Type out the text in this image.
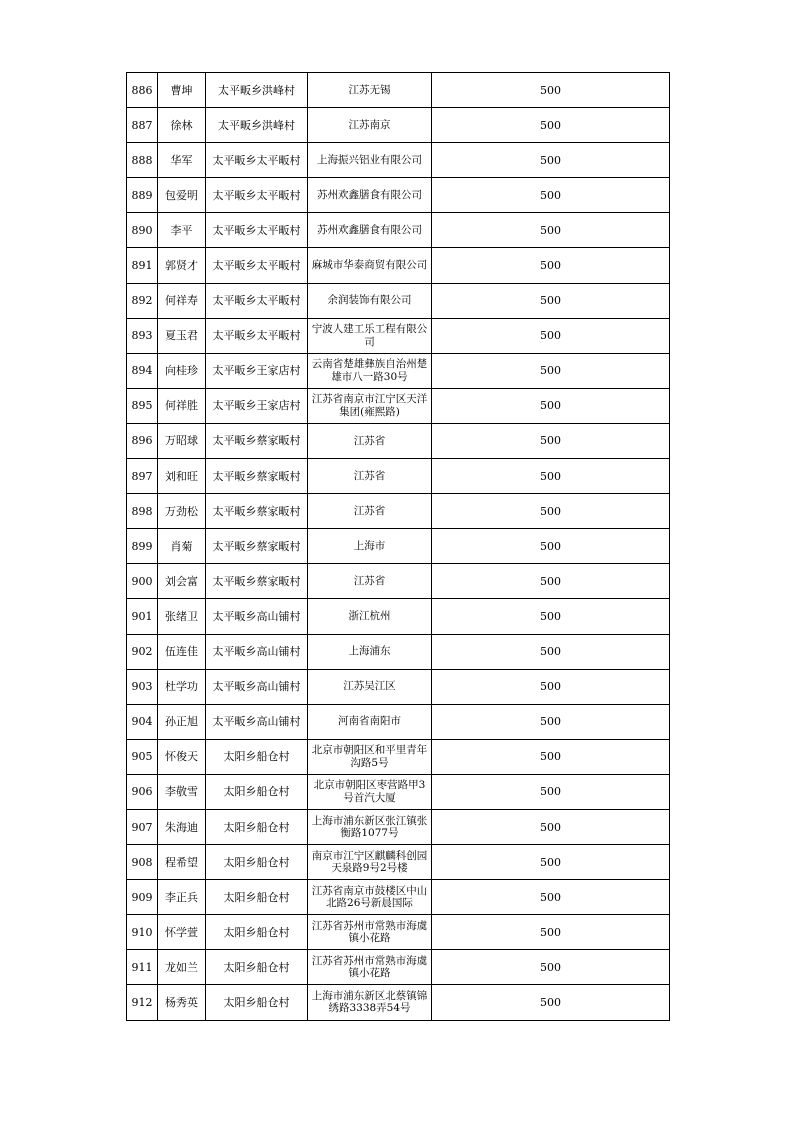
886	曹坤	太平畈乡洪峰村	江苏无锡	500

887	徐林	太平畈乡洪峰村	江苏南京	500

888	华军	太平畈乡太平畈村	上海振兴铝业有限公司	500

889	包爱明	太平畈乡太平畈村	苏州欢鑫膳食有限公司	500

890	李平	太平畈乡太平畈村	苏州欢鑫膳食有限公司	500

891	郭贤才	太平畈乡太平畈村	麻城市华泰商贸有限公司	500

892	何祥寿	太平畈乡太平畈村	余润装饰有限公司	500

893	夏玉君	太平畈乡太平畈村	宁波人建工乐工程有限公司	500

894	向桂珍	太平畈乡王家店村	云南省楚雄彝族自治州楚雄市八一路30号	500

895	何祥胜	太平畈乡王家店村	江苏省南京市江宁区天洋集团(雍熙路)	500

896	万昭球	太平畈乡蔡家畈村	江苏省	500

897	刘和旺	太平畈乡蔡家畈村	江苏省	500

898	万劲松	太平畈乡蔡家畈村	江苏省	500

899	肖菊	太平畈乡蔡家畈村	上海市	500

900	刘会富	太平畈乡蔡家畈村	江苏省	500

901	张绪卫	太平畈乡高山铺村	浙江杭州	500

902	伍连佳	太平畈乡高山铺村	上海浦东	500

903	杜学功	太平畈乡高山铺村	江苏吴江区	500

904	孙正旭	太平畈乡高山铺村	河南省南阳市	500

905	怀俊天	太阳乡船仓村	北京市朝阳区和平里青年沟路5号	500

906	李敬雪	太阳乡船仓村	北京市朝阳区枣营路甲3号首汽大厦	500

907	朱海迪	太阳乡船仓村	上海市浦东新区张江镇张衡路1077号	500

908	程希望	太阳乡船仓村	南京市江宁区麒麟科创园天泉路9号2号楼	500

909	李正兵	太阳乡船仓村	江苏省南京市鼓楼区中山北路26号新晨国际	500

910	怀学萱	太阳乡船仓村	江苏省苏州市常熟市海虞镇小花路	500

911	龙如兰	太阳乡船仓村	江苏省苏州市常熟市海虞镇小花路	500

912	杨秀英	太阳乡船仓村	上海市浦东新区北蔡镇锦绣路3338弄54号	500
